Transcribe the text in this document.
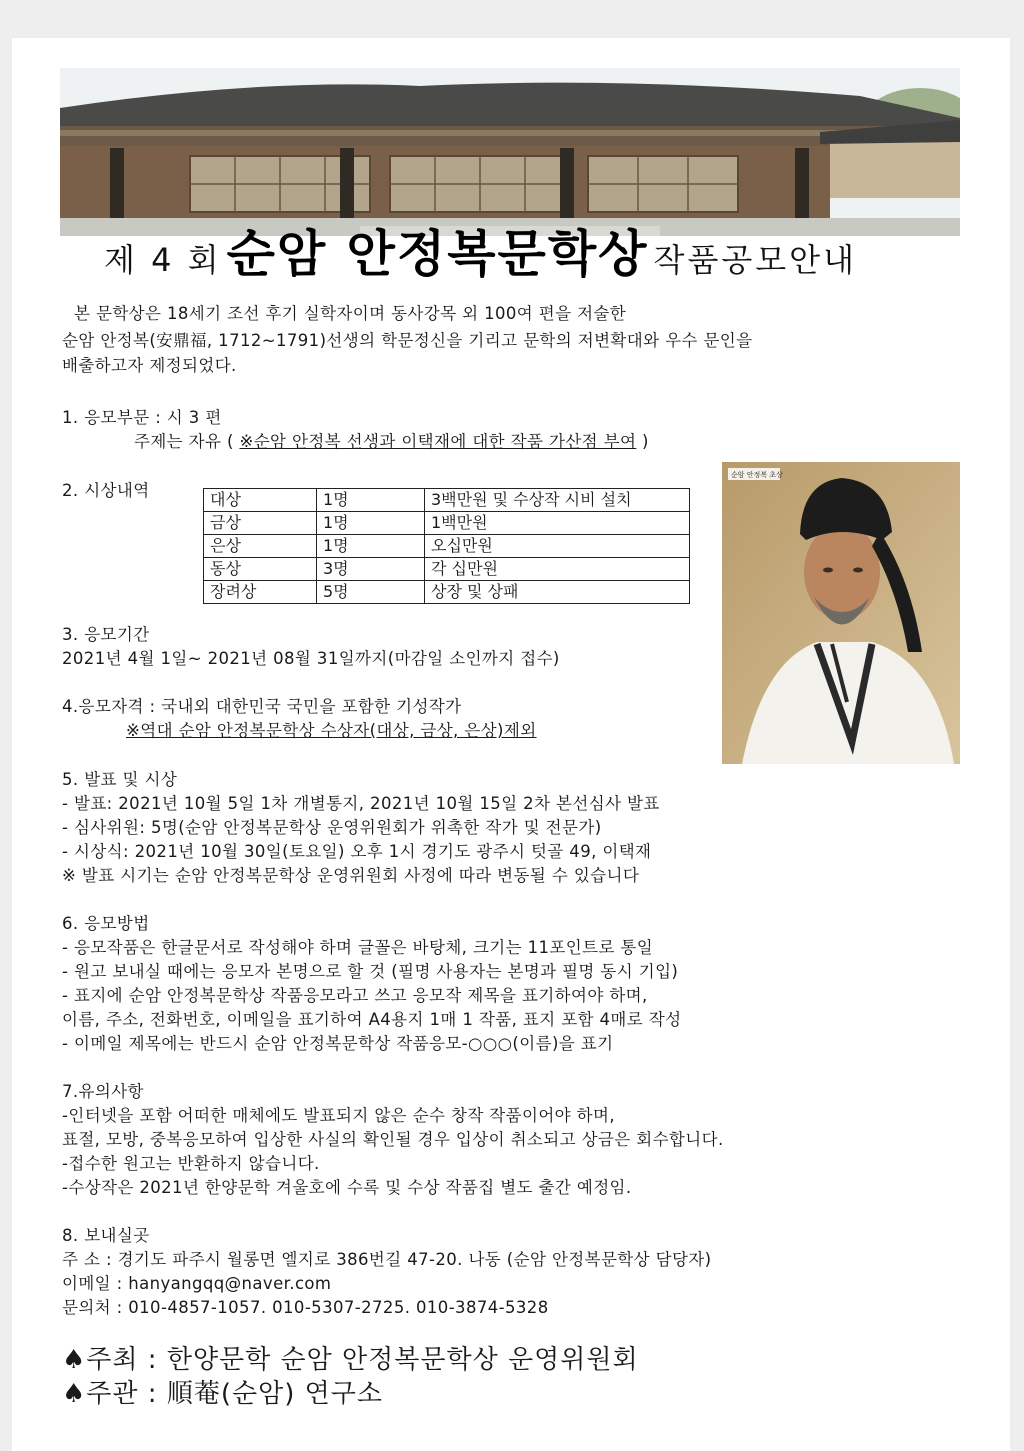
제 4 회 순암 안정복문학상 작품공모안내
본 문학상은 18세기 조선 후기 실학자이며 동사강목 외 100여 편을 저술한
순암 안정복(安鼎福, 1712~1791)선생의 학문정신을 기리고 문학의 저변확대와 우수 문인을
배출하고자 제정되었다.
1. 응모부문 : 시 3 편
주제는 자유 ( ※순암 안정복 선생과 이택재에 대한 작품 가산점 부여 )
2. 시상내역	대상	1명	3백만원 및 수상작 시비 설치
금상	1명	1백만원
은상	1명	오십만원
동상	3명	각 십만원
장려상	5명	상장 및 상패
순암 안정복 초상
3. 응모기간
2021년 4월 1일~ 2021년 08월 31일까지(마감일 소인까지 접수)
4.응모자격 : 국내외 대한민국 국민을 포함한 기성작가
※역대 순암 안정복문학상 수상자(대상, 금상, 은상)제외
5. 발표 및 시상
- 발표: 2021년 10월 5일 1차 개별통지, 2021년 10월 15일 2차 본선심사 발표
- 심사위원: 5명(순암 안정복문학상 운영위원회가 위촉한 작가 및 전문가)
- 시상식: 2021년 10월 30일(토요일) 오후 1시 경기도 광주시 텃골 49, 이택재
※ 발표 시기는 순암 안정복문학상 운영위원회 사정에 따라 변동될 수 있습니다
6. 응모방법
- 응모작품은 한글문서로 작성해야 하며 글꼴은 바탕체, 크기는 11포인트로 통일
- 원고 보내실 때에는 응모자 본명으로 할 것 (필명 사용자는 본명과 필명 동시 기입)
- 표지에 순암 안정복문학상 작품응모라고 쓰고 응모작 제목을 표기하여야 하며,
이름, 주소, 전화번호, 이메일을 표기하여 A4용지 1매 1 작품, 표지 포함 4매로 작성
- 이메일 제목에는 반드시 순암 안정복문학상 작품응모-○○○(이름)을 표기
7.유의사항
-인터넷을 포함 어떠한 매체에도 발표되지 않은 순수 창작 작품이어야 하며,
표절, 모방, 중복응모하여 입상한 사실의 확인될 경우 입상이 취소되고 상금은 회수합니다.
-접수한 원고는 반환하지 않습니다.
-수상작은 2021년 한양문학 겨울호에 수록 및 수상 작품집 별도 출간 예정임.
8. 보내실곳
주 소 : 경기도 파주시 월롱면 엘지로 386번길 47-20. 나동 (순암 안정복문학상 담당자)
이메일 : hanyangqq@naver.com
문의처 : 010-4857-1057. 010-5307-2725. 010-3874-5328
♠주최 : 한양문학 순암 안정복문학상 운영위원회
♠주관 : 順菴(순암) 연구소
